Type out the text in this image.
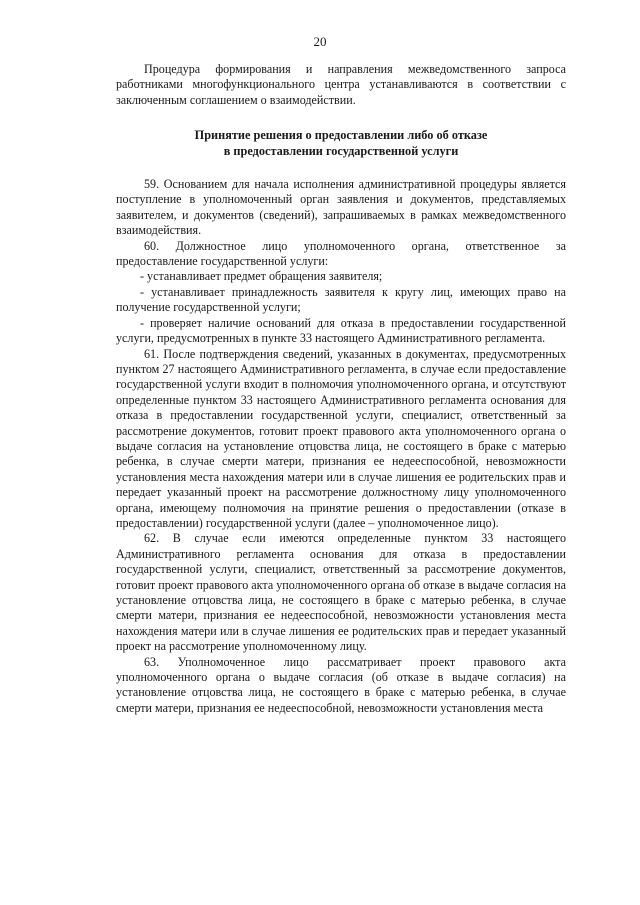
20

Процедура формирования и направления межведомственного запроса работниками многофункционального центра устанавливаются в соответствии с заключенным соглашением о взаимодействии.

Принятие решения о предоставлении либо об отказе
в предоставлении государственной услуги

59. Основанием для начала исполнения административной процедуры является поступление в уполномоченный орган заявления и документов, представляемых заявителем, и документов (сведений), запрашиваемых в рамках межведомственного взаимодействия.

60. Должностное лицо уполномоченного органа, ответственное за предоставление государственной услуги:

- устанавливает предмет обращения заявителя;

- устанавливает принадлежность заявителя к кругу лиц, имеющих право на получение государственной услуги;

- проверяет наличие оснований для отказа в предоставлении государственной услуги, предусмотренных в пункте 33 настоящего Административного регламента.

61. После подтверждения сведений, указанных в документах, предусмотренных пунктом 27 настоящего Административного регламента, в случае если предоставление государственной услуги входит в полномочия уполномоченного органа, и отсутствуют определенные пунктом 33 настоящего Административного регламента основания для отказа в предоставлении государственной услуги, специалист, ответственный за рассмотрение документов, готовит проект правового акта уполномоченного органа о выдаче согласия на установление отцовства лица, не состоящего в браке с матерью ребенка, в случае смерти матери, признания ее недееспособной, невозможности установления места нахождения матери или в случае лишения ее родительских прав и передает указанный проект на рассмотрение должностному лицу уполномоченного органа, имеющему полномочия на принятие решения о предоставлении (отказе в предоставлении) государственной услуги (далее – уполномоченное лицо).

62. В случае если имеются определенные пунктом 33 настоящего Административного регламента основания для отказа в предоставлении государственной услуги, специалист, ответственный за рассмотрение документов, готовит проект правового акта уполномоченного органа об отказе в выдаче согласия на установление отцовства лица, не состоящего в браке с матерью ребенка, в случае смерти матери, признания ее недееспособной, невозможности установления места нахождения матери или в случае лишения ее родительских прав и передает указанный проект на рассмотрение уполномоченному лицу.

63. Уполномоченное лицо рассматривает проект правового акта уполномоченного органа о выдаче согласия (об отказе в выдаче согласия) на установление отцовства лица, не состоящего в браке с матерью ребенка, в случае смерти матери, признания ее недееспособной, невозможности установления места
